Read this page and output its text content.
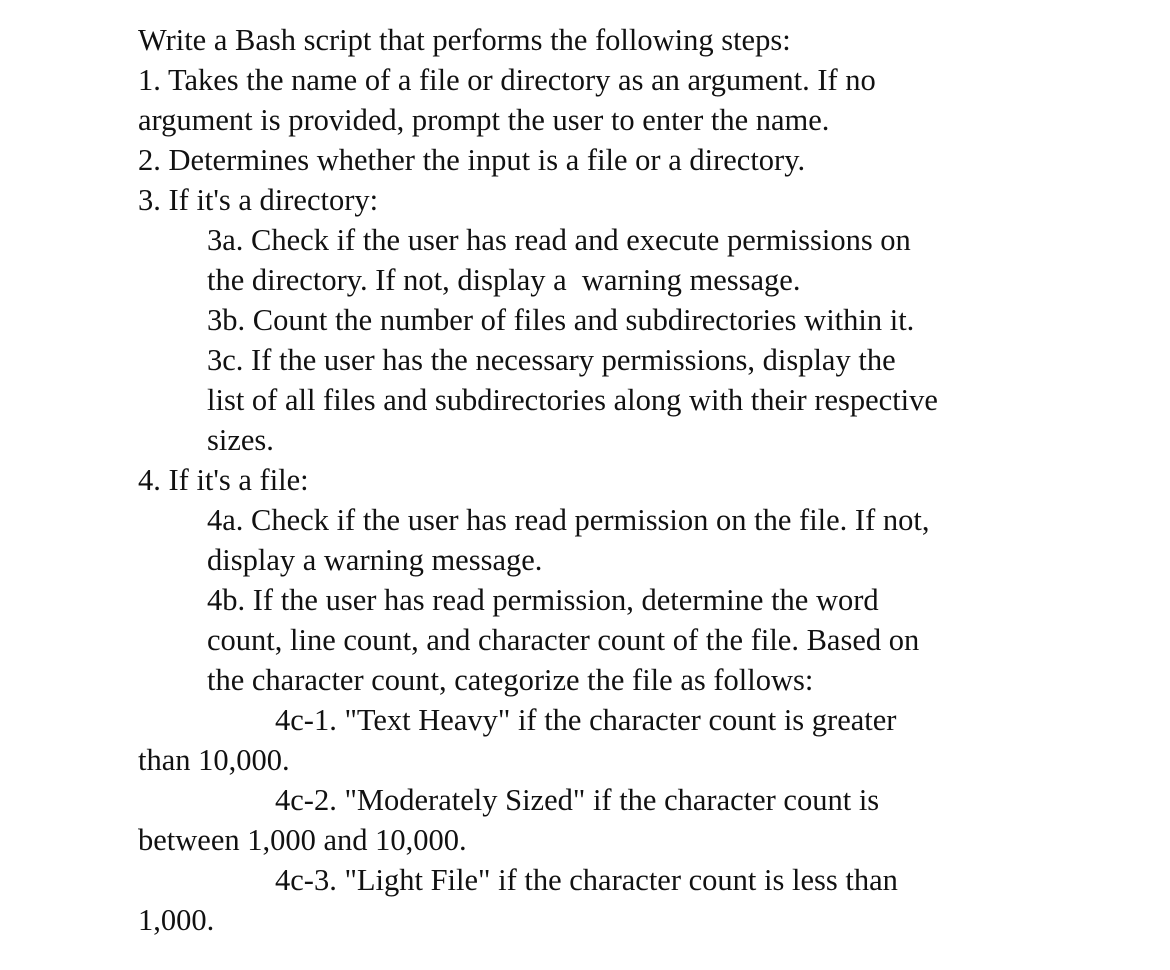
Write a Bash script that performs the following steps:
1. Takes the name of a file or directory as an argument. If no
argument is provided, prompt the user to enter the name.
2. Determines whether the input is a file or a directory.
3. If it's a directory:
3a. Check if the user has read and execute permissions on
the directory. If not, display a  warning message.
3b. Count the number of files and subdirectories within it.
3c. If the user has the necessary permissions, display the
list of all files and subdirectories along with their respective
sizes.
4. If it's a file:
4a. Check if the user has read permission on the file. If not,
display a warning message.
4b. If the user has read permission, determine the word
count, line count, and character count of the file. Based on
the character count, categorize the file as follows:
4c-1. "Text Heavy" if the character count is greater
than 10,000.
4c-2. "Moderately Sized" if the character count is
between 1,000 and 10,000.
4c-3. "Light File" if the character count is less than
1,000.
